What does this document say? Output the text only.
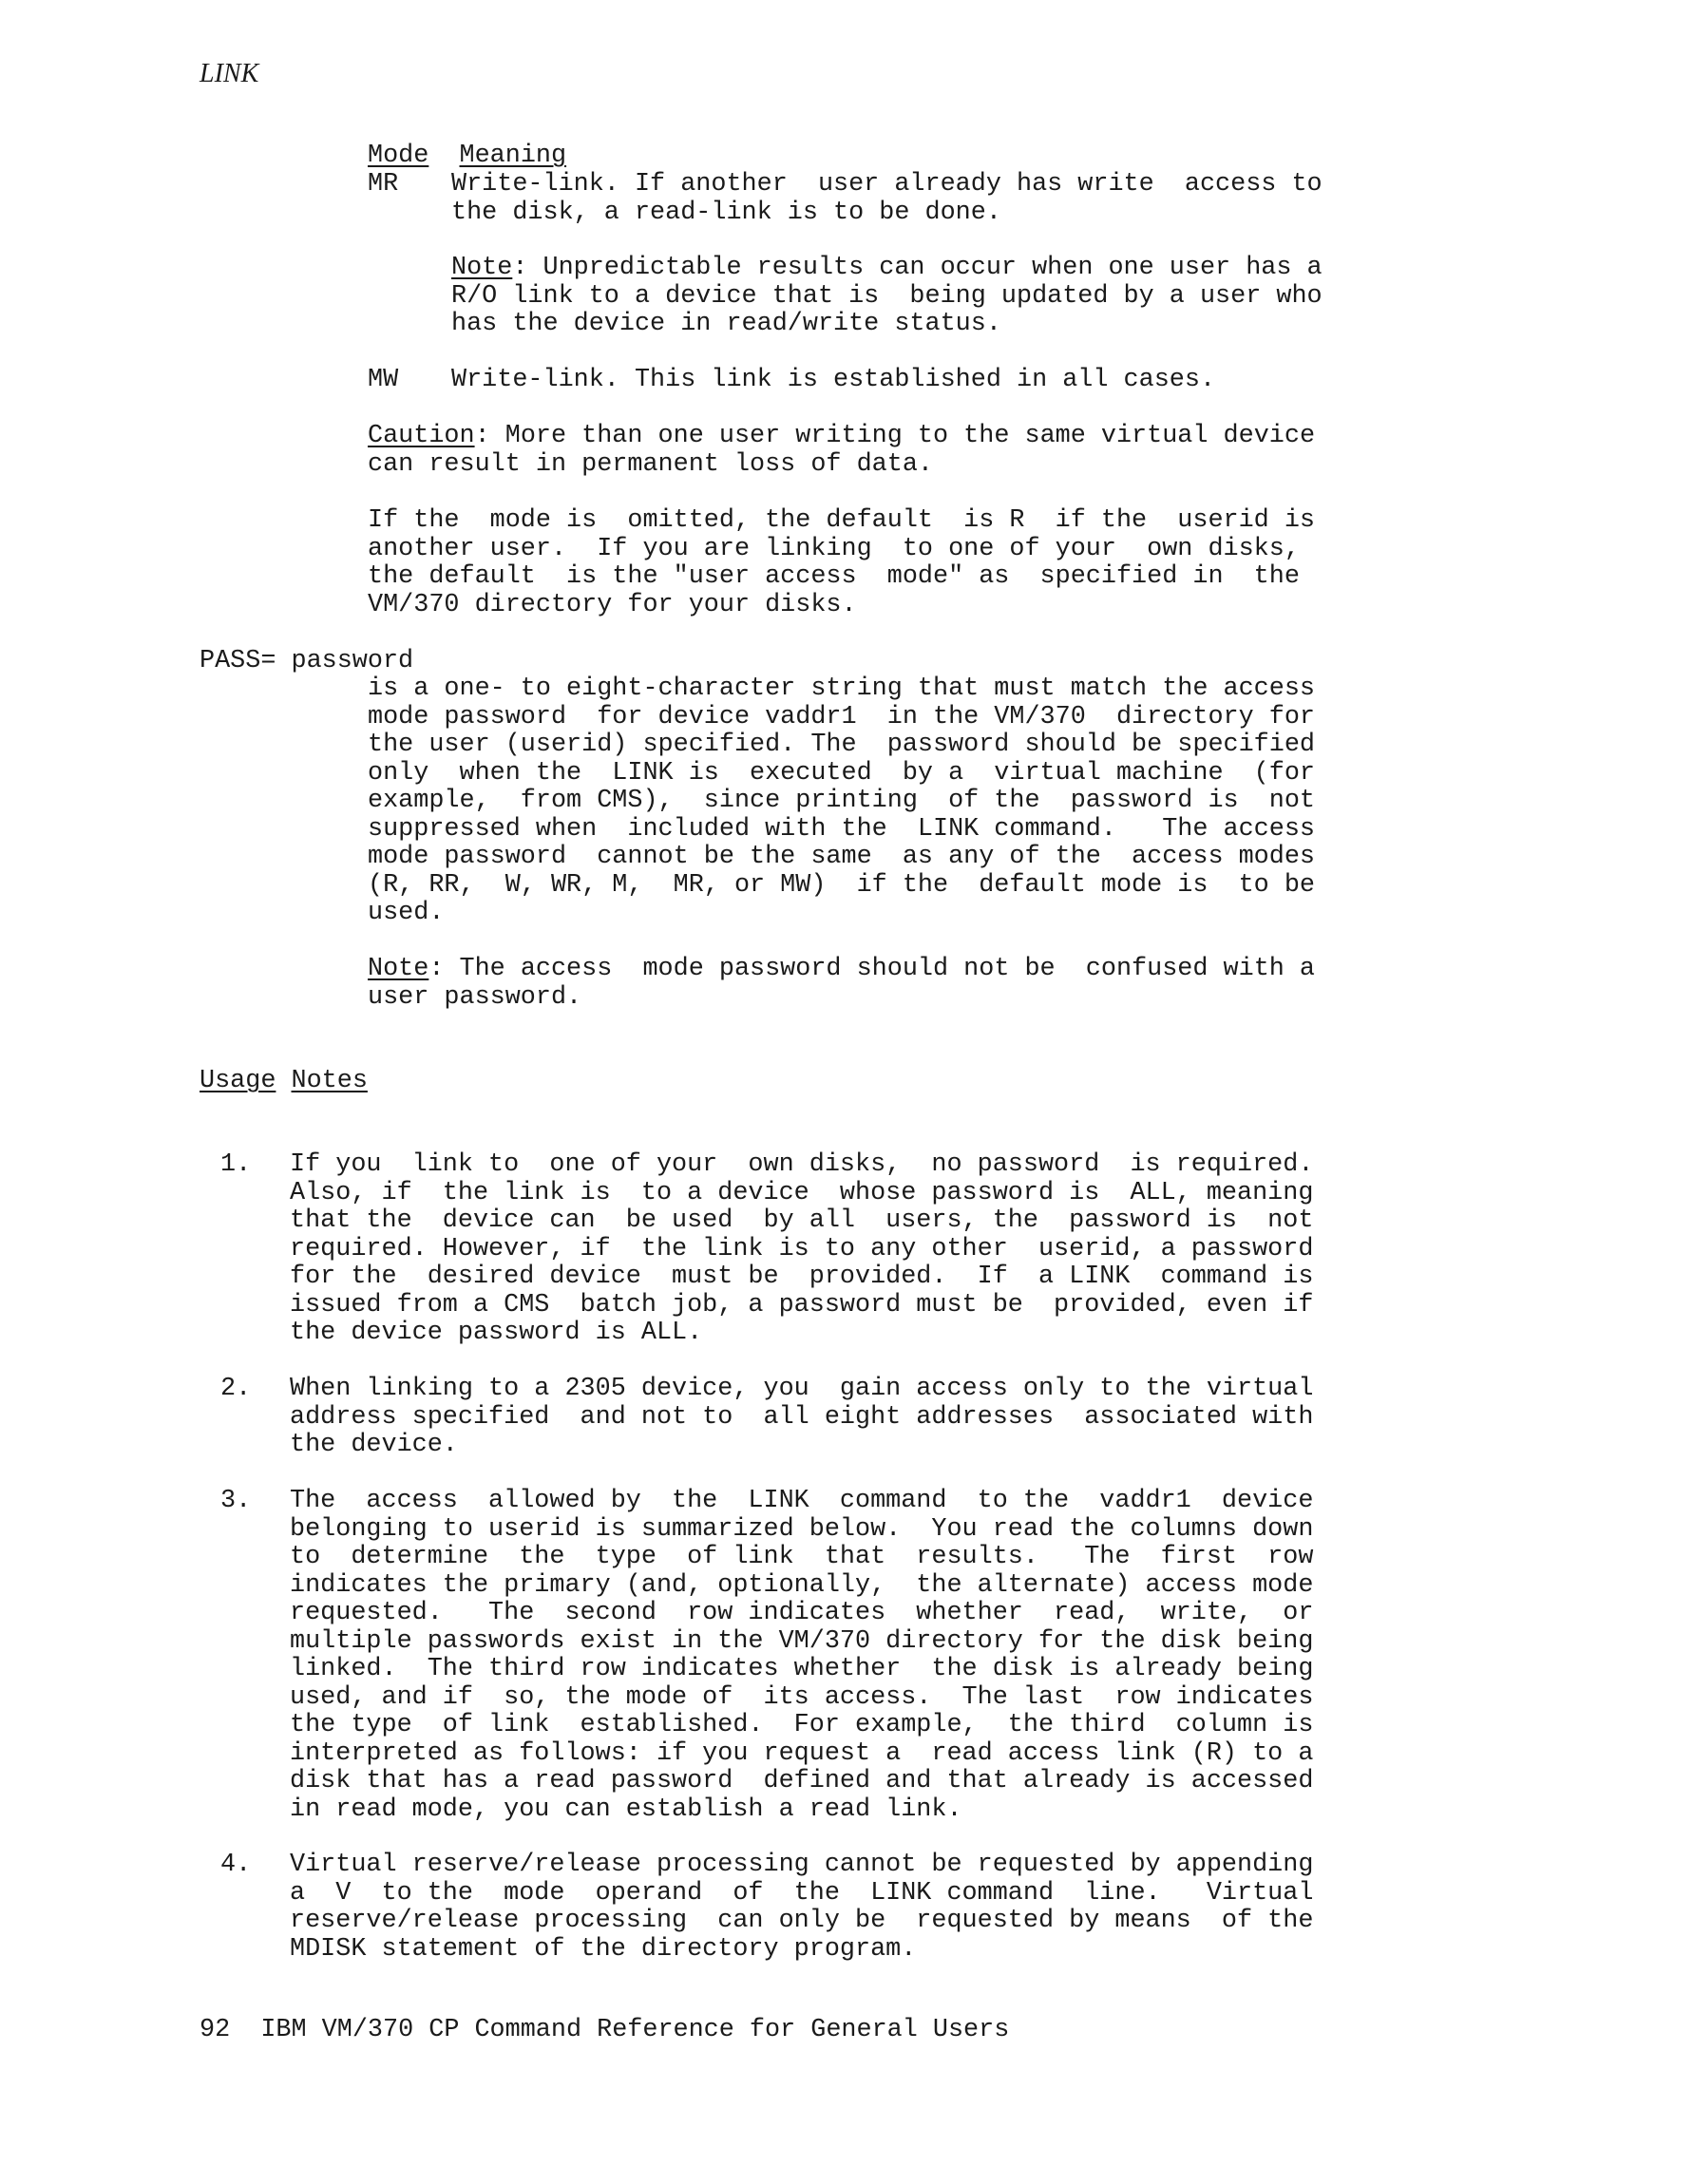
LINK
Mode Meaning
MR Write-link. If another  user already has write  access to
the disk, a read-link is to be done.
Note: Unpredictable results can occur when one user has a
R/O link to a device that is  being updated by a user who
has the device in read/write status.
MW Write-link. This link is established in all cases.
Caution: More than one user writing to the same virtual device
can result in permanent loss of data.
If the  mode is  omitted, the default  is R  if the  userid is
another user.  If you are linking  to one of your  own disks,
the default  is the "user access  mode" as  specified in  the
VM/370 directory for your disks.
PASS= password
is a one- to eight-character string that must match the access
mode password  for device vaddr1  in the VM/370  directory for
the user (userid) specified. The  password should be specified
only  when the  LINK is  executed  by a  virtual machine  (for
example,  from CMS),  since printing  of the  password is  not
suppressed when  included with the  LINK command.   The access
mode password  cannot be the same  as any of the  access modes
(R, RR,  W, WR, M,  MR, or MW)  if the  default mode is  to be
used.
Note: The access  mode password should not be  confused with a
user password.
Usage Notes
1. If you  link to  one of your  own disks,  no password  is required.
Also, if  the link is  to a device  whose password is  ALL, meaning
that the  device can  be used  by all  users, the  password is  not
required. However, if  the link is to any other  userid, a password
for the  desired device  must be  provided.  If  a LINK  command is
issued from a CMS  batch job, a password must be  provided, even if
the device password is ALL.
2. When linking to a 2305 device, you  gain access only to the virtual
address specified  and not to  all eight addresses  associated with
the device.
3. The  access  allowed by  the  LINK  command  to the  vaddr1  device
belonging to userid is summarized below.  You read the columns down
to  determine  the  type  of link  that  results.   The  first  row
indicates the primary (and, optionally,  the alternate) access mode
requested.   The  second  row indicates  whether  read,  write,  or
multiple passwords exist in the VM/370 directory for the disk being
linked.  The third row indicates whether  the disk is already being
used, and if  so, the mode of  its access.  The last  row indicates
the type  of link  established.  For example,  the third  column is
interpreted as follows: if you request a  read access link (R) to a
disk that has a read password  defined and that already is accessed
in read mode, you can establish a read link.
4. Virtual reserve/release processing cannot be requested by appending
a  V  to the  mode  operand  of  the  LINK command  line.   Virtual
reserve/release processing  can only be  requested by means  of the
MDISK statement of the directory program.
92 IBM VM/370 CP Command Reference for General Users
